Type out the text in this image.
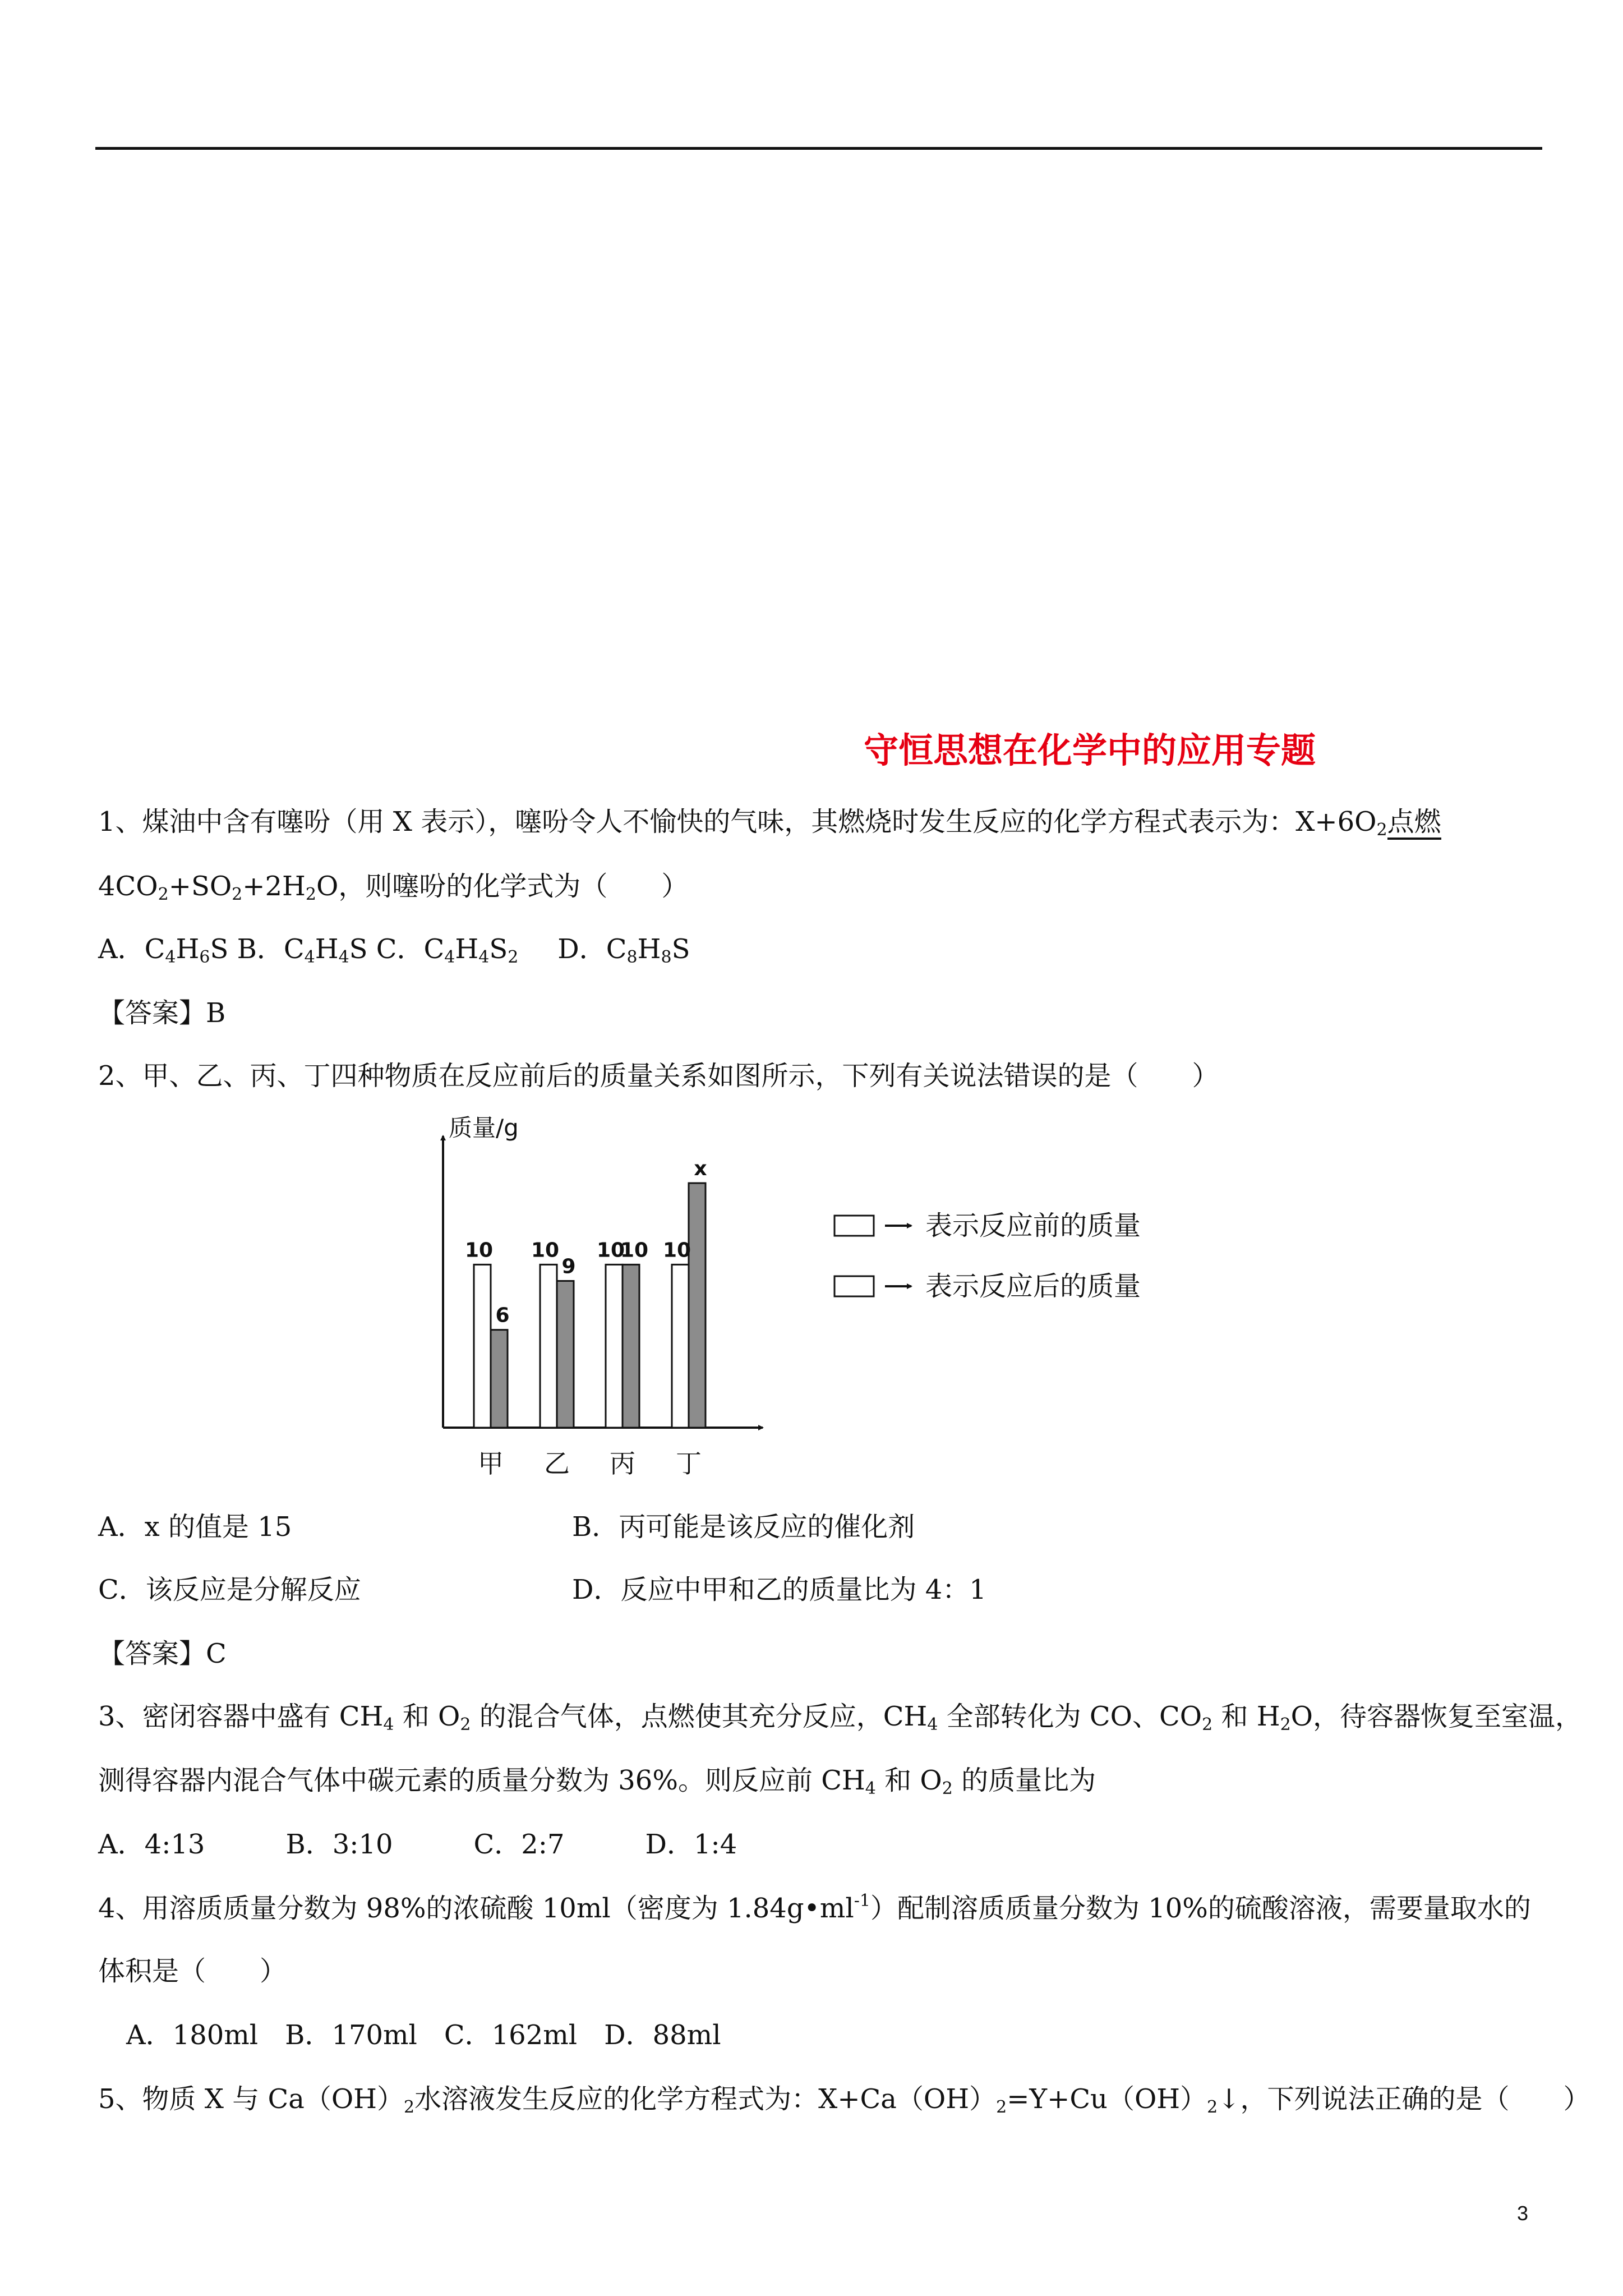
守恒思想在化学中的应用专题
1、煤油中含有噻吩（用 X 表示），噻吩令人不愉快的气味，其燃烧时发生反应的化学方程式表示为：$X+6O_2$点燃
$4CO_2+SO_2+2H_2O$，则噻吩的化学式为（　　）
A．$C_4H_6S$ B．$C_4H_4S$ C．$C_4H_4S_2$ D．$C_8H_8S$
【答案】B
2、甲、乙、丙、丁四种物质在反应前后的质量关系如图所示，下列有关说法错误的是（　　）
质量/g
10
6
甲
10
9
乙
10
10
丙
10
x
丁
表示反应前的质量
表示反应后的质量
A．x 的值是 15	B．丙可能是该反应的催化剂
C．该反应是分解反应	D．反应中甲和乙的质量比为 4：1
【答案】C
3、密闭容器中盛有 $CH_4$ 和 $O_2$ 的混合气体，点燃使其充分反应，$CH_4$ 全部转化为 CO、$CO_2$ 和 $H_2O$，待容器恢复至室温，
测得容器内混合气体中碳元素的质量分数为 36%。则反应前 $CH_4$ 和 $O_2$ 的质量比为
A．4:13　　　B．3:10　　　C．2:7　　　D．1:4
4、用溶质质量分数为 98%的浓硫酸 10ml（密度为 $1.84g•ml^{-1}$）配制溶质质量分数为 10%的硫酸溶液，需要量取水的
体积是（　　）
A．180ml　B．170ml　C．162ml　D．88ml
5、物质 X 与 $Ca(OH)_2$水溶液发生反应的化学方程式为：$X+Ca(OH)_2=Y+Cu(OH)_2↓$，下列说法正确的是（　　）
3
